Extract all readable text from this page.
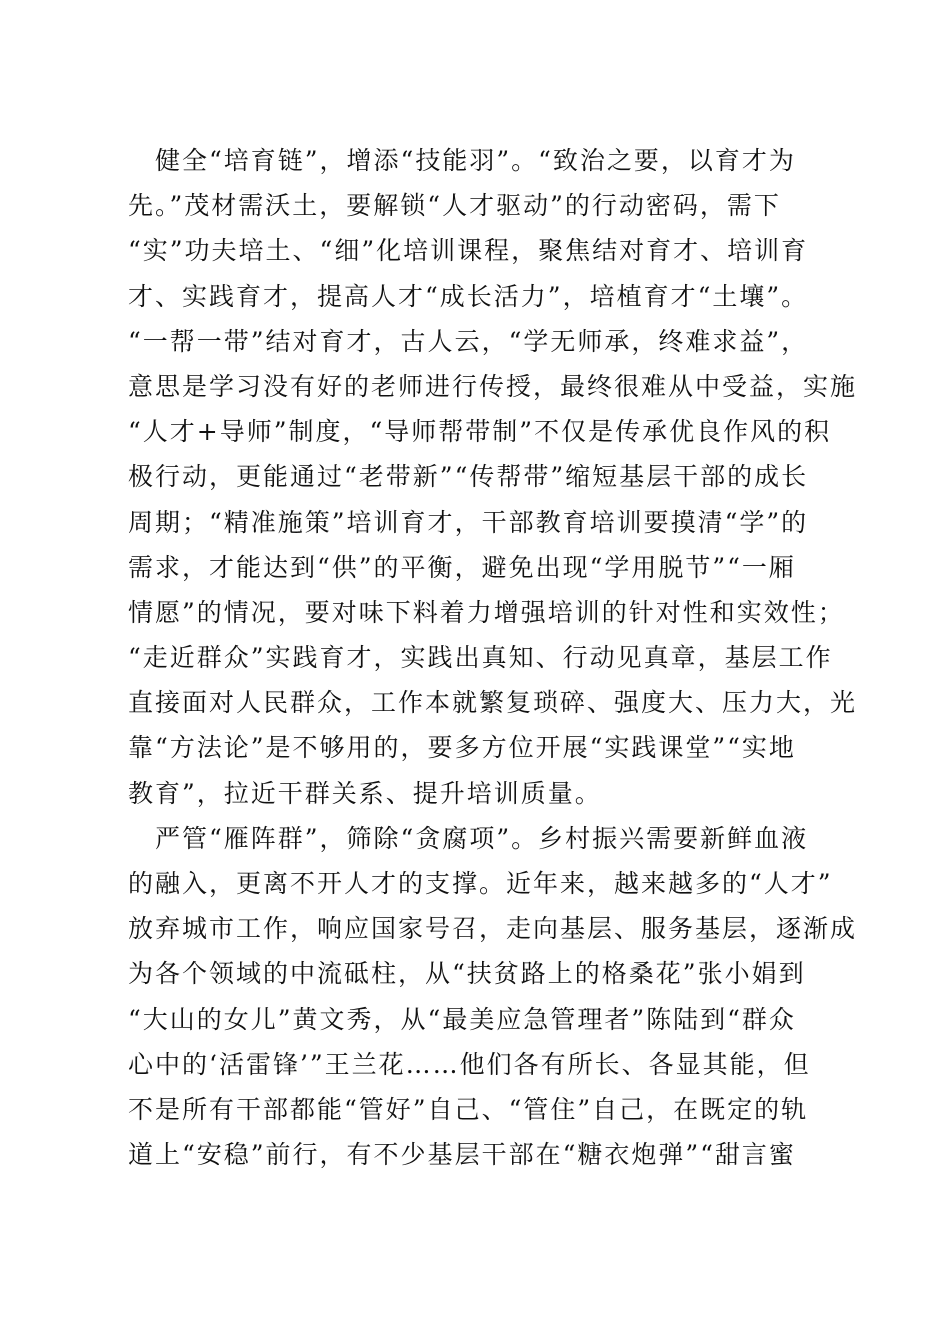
　健全“培育链”，增添“技能羽”。“致治之要，以育才为
先。”茂材需沃土，要解锁“人才驱动”的行动密码，需下
“实”功夫培土、“细”化培训课程，聚焦结对育才、培训育
才、实践育才，提高人才“成长活力”，培植育才“土壤”。
“一帮一带”结对育才，古人云，“学无师承，终难求益”，
意思是学习没有好的老师进行传授，最终很难从中受益，实施
“人才+导师”制度，“导师帮带制”不仅是传承优良作风的积
极行动，更能通过“老带新”“传帮带”缩短基层干部的成长
周期；“精准施策”培训育才，干部教育培训要摸清“学”的
需求，才能达到“供”的平衡，避免出现“学用脱节”“一厢
情愿”的情况，要对味下料着力增强培训的针对性和实效性；
“走近群众”实践育才，实践出真知、行动见真章，基层工作
直接面对人民群众，工作本就繁复琐碎、强度大、压力大，光
靠“方法论”是不够用的，要多方位开展“实践课堂”“实地
教育”，拉近干群关系、提升培训质量。
　严管“雁阵群”，筛除“贪腐项”。乡村振兴需要新鲜血液
的融入，更离不开人才的支撑。近年来，越来越多的“人才”
放弃城市工作，响应国家号召，走向基层、服务基层，逐渐成
为各个领域的中流砥柱，从“扶贫路上的格桑花”张小娟到
“大山的女儿”黄文秀，从“最美应急管理者”陈陆到“群众
心中的‘活雷锋’”王兰花……他们各有所长、各显其能，但
不是所有干部都能“管好”自己、“管住”自己，在既定的轨
道上“安稳”前行，有不少基层干部在“糖衣炮弹”“甜言蜜
